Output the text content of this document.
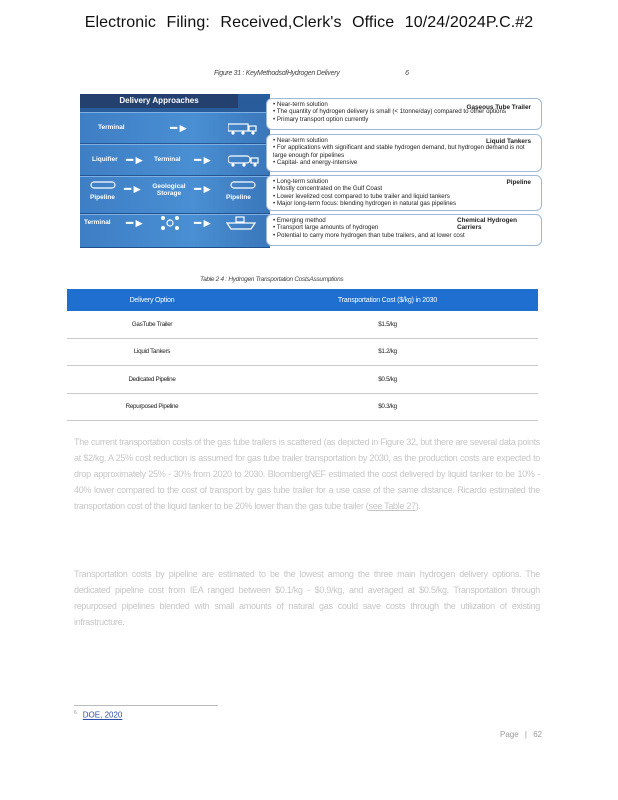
Electronic Filing: Received,Clerk's Office 10/24/2024P.C.#2
Figure 31 : KeyMethodsofHydrogen Delivery	6
Delivery Approaches
Terminal	━►
Liquifier ━► Terminal ━►
Pipeline
━►	Geological Storage	━►
Pipeline
Terminal ━►	━►
Gaseous Tube Trailer
• Near-term solution
• The quantity of hydrogen delivery is small (< 1tonne/day) compared to other options
• Primary transport option currently
Liquid Tankers
• Near-term solution
• For applications with significant and stable hydrogen demand, but hydrogen demand is not large enough for pipelines
• Capital- and energy-intensive
Pipeline
• Long-term solution
• Mostly concentrated on the Gulf Coast
• Lower levelized cost compared to tube trailer and liquid tankers
• Major long-term focus: blending hydrogen in natural gas pipelines
Chemical Hydrogen Carriers
• Emerging method
• Transport large amounts of hydrogen
• Potential to carry more hydrogen than tube trailers, and at lower cost
Table 2 4 : Hydrogen Transportation CostsAssumptions
Delivery Option	Transportation Cost ($/kg) in 2030
GasTube Trailer	$1.5/kg
Liquid Tankers	$1.2/kg
Dedicated Pipeline	$0.5/kg
Repurposed Pipeline	$0.3/kg

The current transportation costs of the gas tube trailers is scattered (as depicted in Figure 32, but there are several data points at $2/kg. A 25% cost reduction is assumed for gas tube trailer transportation by 2030, as the production costs are expected to drop approximately 25% - 30% from 2020 to 2030. BloombergNEF estimated the cost delivered by liquid tanker to be 10% - 40% lower compared to the cost of transport by gas tube trailer for a use case of the same distance. Ricardo estimated the transportation cost of the liquid tanker to be 20% lower than the gas tube trailer (see Table 27).

Transportation costs by pipeline are estimated to be the lowest among the three main hydrogen delivery options. The dedicated pipeline cost from IEA ranged between $0.1/kg - $0.9/kg, and averaged at $0.5/kg. Transportation through repurposed pipelines blended with small amounts of natural gas could save costs through the utilization of existing infrastructure.

$^6$ DOE, 2020
Page | 62
